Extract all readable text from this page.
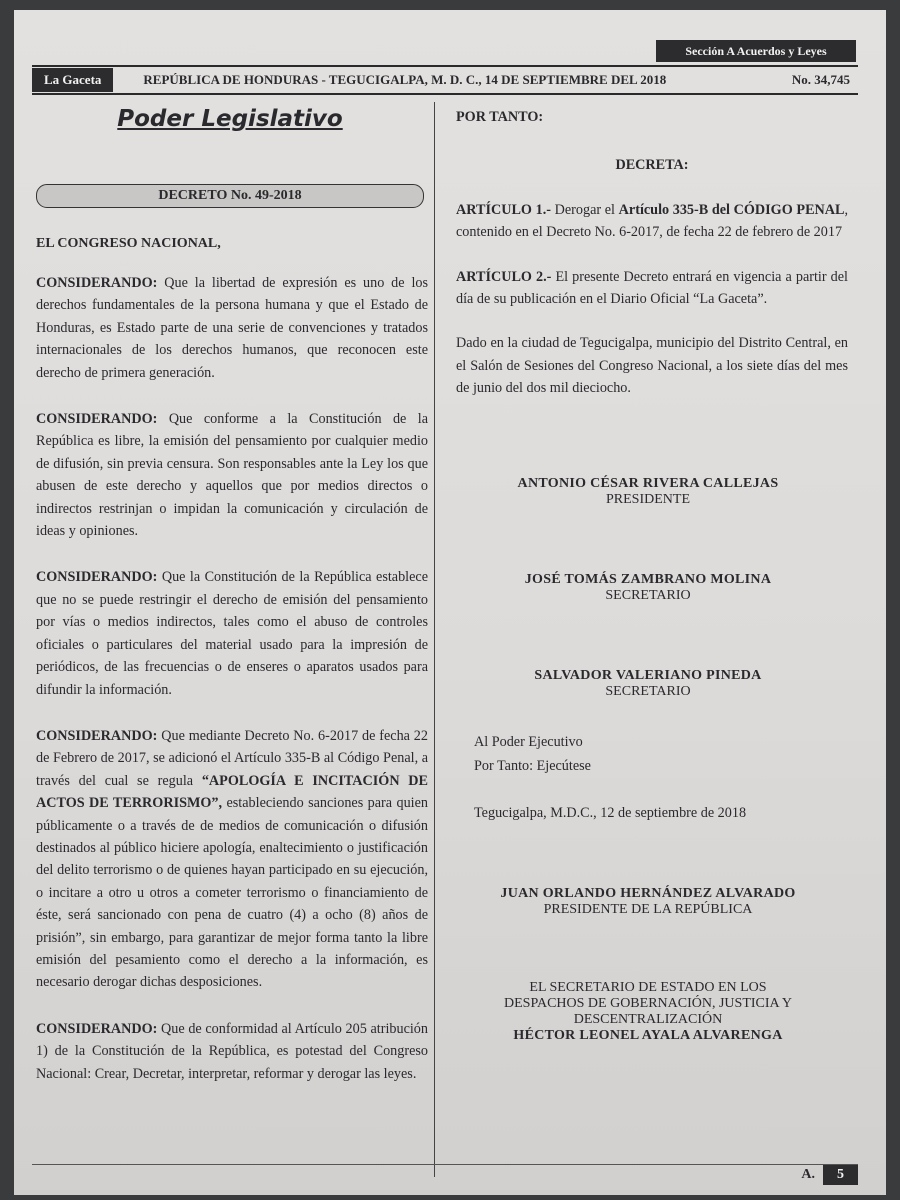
Sección A Acuerdos y Leyes
La Gaceta	REPÚBLICA DE HONDURAS - TEGUCIGALPA, M. D. C., 14 DE SEPTIEMBRE DEL 2018	No. 34,745
Poder Legislativo
DECRETO No. 49-2018
EL CONGRESO NACIONAL,

CONSIDERANDO: Que la libertad de expresión es uno de los derechos fundamentales de la persona humana y que el Estado de Honduras, es Estado parte de una serie de convenciones y tratados internacionales de los derechos humanos, que reconocen este derecho de primera generación.

CONSIDERANDO: Que conforme a la Constitución de la República es libre, la emisión del pensamiento por cualquier medio de difusión, sin previa censura. Son responsables ante la Ley los que abusen de este derecho y aquellos que por medios directos o indirectos restrinjan o impidan la comunicación y circulación de ideas y opiniones.

CONSIDERANDO: Que la Constitución de la República establece que no se puede restringir el derecho de emisión del pensamiento por vías o medios indirectos, tales como el abuso de controles oficiales o particulares del material usado para la impresión de periódicos, de las frecuencias o de enseres o aparatos usados para difundir la información.

CONSIDERANDO: Que mediante Decreto No. 6-2017 de fecha 22 de Febrero de 2017, se adicionó el Artículo 335-B al Código Penal, a través del cual se regula “APOLOGÍA E INCITACIÓN DE ACTOS DE TERRORISMO”, estableciendo sanciones para quien públicamente o a través de de medios de comunicación o difusión destinados al público hiciere apología, enaltecimiento o justificación del delito terrorismo o de quienes hayan participado en su ejecución, o incitare a otro u otros a cometer terrorismo o financiamiento de éste, será sancionado con pena de cuatro (4) a ocho (8) años de prisión”, sin embargo, para garantizar de mejor forma tanto la libre emisión del pesamiento como el derecho a la información, es necesario derogar dichas desposiciones.

CONSIDERANDO: Que de conformidad al Artículo 205 atribución 1) de la Constitución de la República, es potestad del Congreso Nacional: Crear, Decretar, interpretar, reformar y derogar las leyes.

POR TANTO:
DECRETA:

ARTÍCULO 1.- Derogar el Artículo 335-B del CÓDIGO PENAL, contenido en el Decreto No. 6-2017, de fecha 22 de febrero de 2017

ARTÍCULO 2.- El presente Decreto entrará en vigencia a partir del día de su publicación en el Diario Oficial “La Gaceta”.

Dado en la ciudad de Tegucigalpa, municipio del Distrito Central, en el Salón de Sesiones del Congreso Nacional, a los siete días del mes de junio del dos mil dieciocho.

ANTONIO CÉSAR RIVERA CALLEJAS
PRESIDENTE
JOSÉ TOMÁS ZAMBRANO MOLINA
SECRETARIO
SALVADOR VALERIANO PINEDA
SECRETARIO
Al Poder Ejecutivo
Por Tanto: Ejecútese
Tegucigalpa, M.D.C., 12 de septiembre de 2018
JUAN ORLANDO HERNÁNDEZ ALVARADO
PRESIDENTE DE LA REPÚBLICA
EL SECRETARIO DE ESTADO EN LOS
DESPACHOS DE GOBERNACIÓN, JUSTICIA Y
DESCENTRALIZACIÓN
HÉCTOR LEONEL AYALA ALVARENGA
A.	5
